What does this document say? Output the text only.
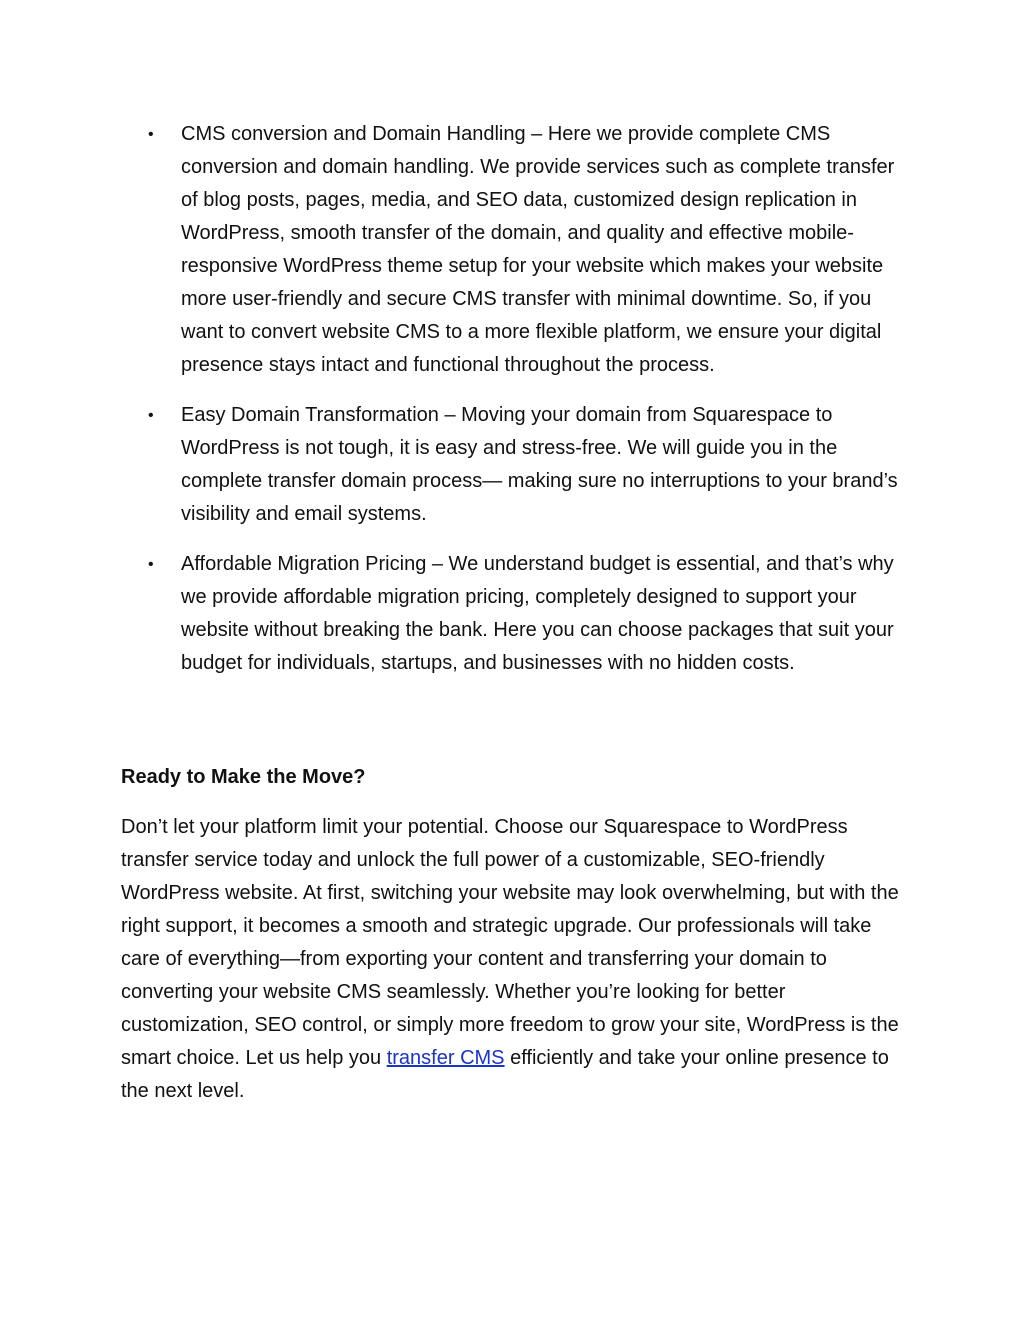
• CMS conversion and Domain Handling – Here we provide complete CMS conversion and domain handling. We provide services such as complete transfer of blog posts, pages, media, and SEO data, customized design replication in WordPress, smooth transfer of the domain, and quality and effective mobile-responsive WordPress theme setup for your website which makes your website more user-friendly and secure CMS transfer with minimal downtime. So, if you want to convert website CMS to a more flexible platform, we ensure your digital presence stays intact and functional throughout the process.
• Easy Domain Transformation – Moving your domain from Squarespace to WordPress is not tough, it is easy and stress-free. We will guide you in the complete transfer domain process— making sure no interruptions to your brand’s visibility and email systems.
• Affordable Migration Pricing – We understand budget is essential, and that’s why we provide affordable migration pricing, completely designed to support your website without breaking the bank. Here you can choose packages that suit your budget for individuals, startups, and businesses with no hidden costs.
Ready to Make the Move?

Don’t let your platform limit your potential. Choose our Squarespace to WordPress transfer service today and unlock the full power of a customizable, SEO-friendly WordPress website. At first, switching your website may look overwhelming, but with the right support, it becomes a smooth and strategic upgrade. Our professionals will take care of everything—from exporting your content and transferring your domain to converting your website CMS seamlessly. Whether you’re looking for better customization, SEO control, or simply more freedom to grow your site, WordPress is the smart choice. Let us help you transfer CMS efficiently and take your online presence to the next level.
